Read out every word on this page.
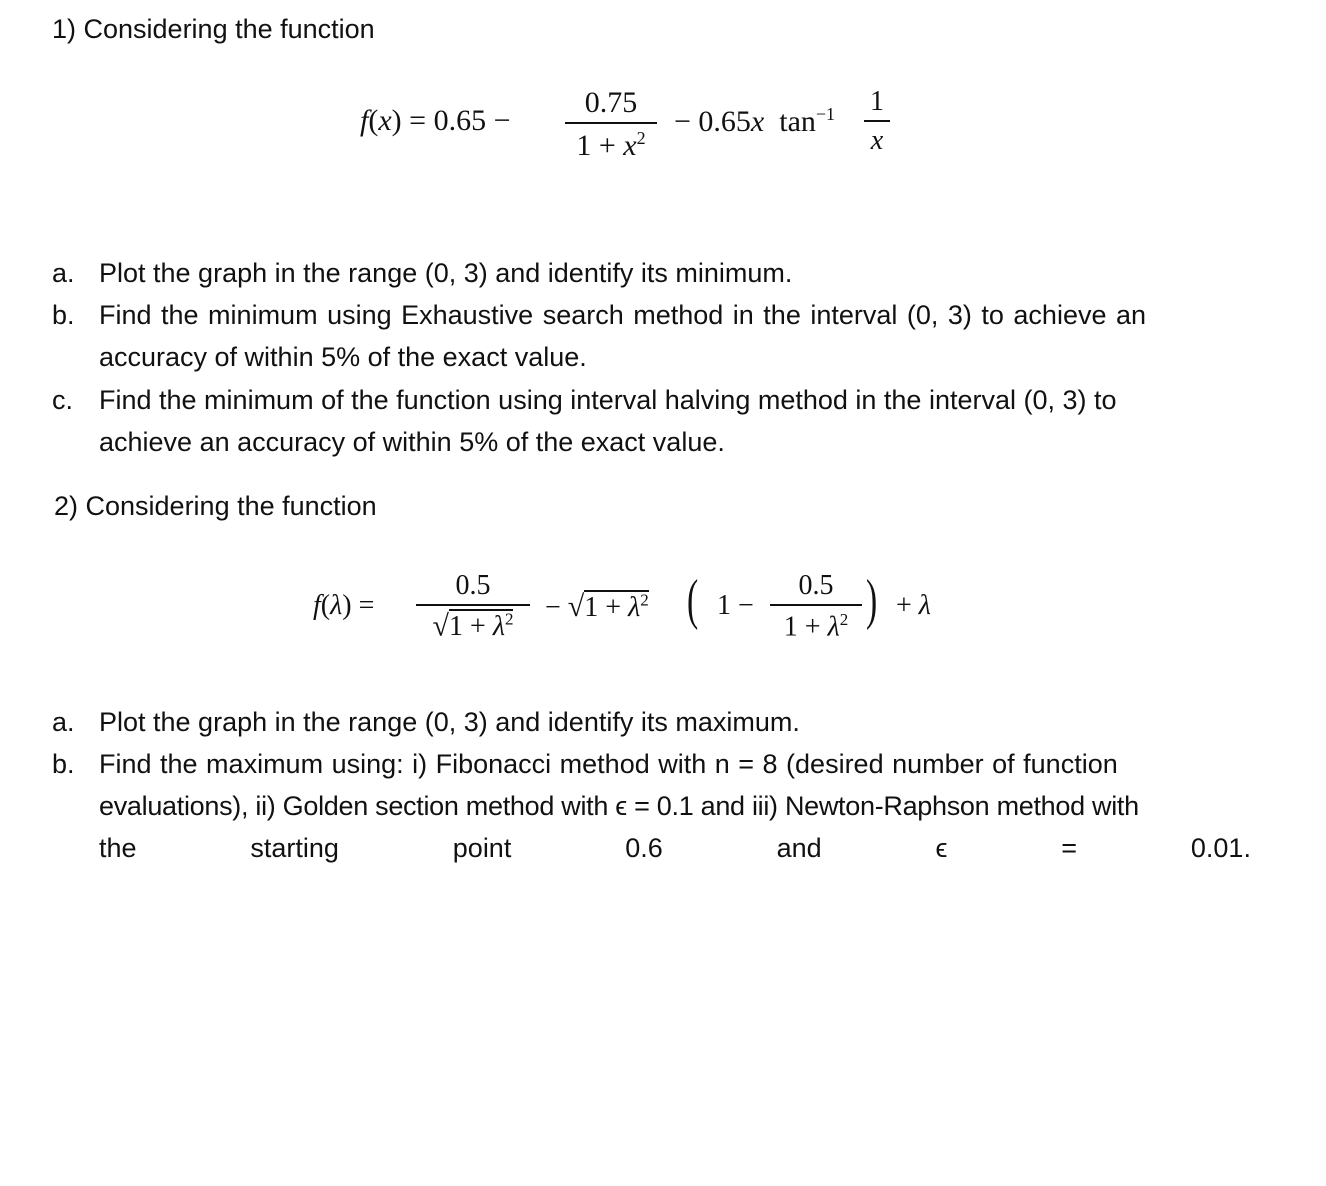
1) Considering the function
f(x) = 0.65 −
0.75
$1 + x^2 - 0.65x$  $\tan^{-1} 1$
x
a. Plot the graph in the range (0, 3) and identify its minimum.
b. Find the minimum using Exhaustive search method in the interval (0, 3) to achieve an
accuracy of within 5% of the exact value.
c. Find the minimum of the function using interval halving method in the interval (0, 3) to
achieve an accuracy of within 5% of the exact value.
2) Considering the function
f(λ) =
0.5
$√1 + \lambda^2 - √1 + \lambda^2$ ( 1 −
0.5
$1 + \lambda^2$ ) + λ
a. Plot the graph in the range (0, 3) and identify its maximum.
b. Find the maximum using: i) Fibonacci method with n = 8 (desired number of function
evaluations), ii) Golden section method with ϵ = 0.1 and iii) Newton-Raphson method with
the	starting	point	0.6	and	ϵ	=	0.01.
